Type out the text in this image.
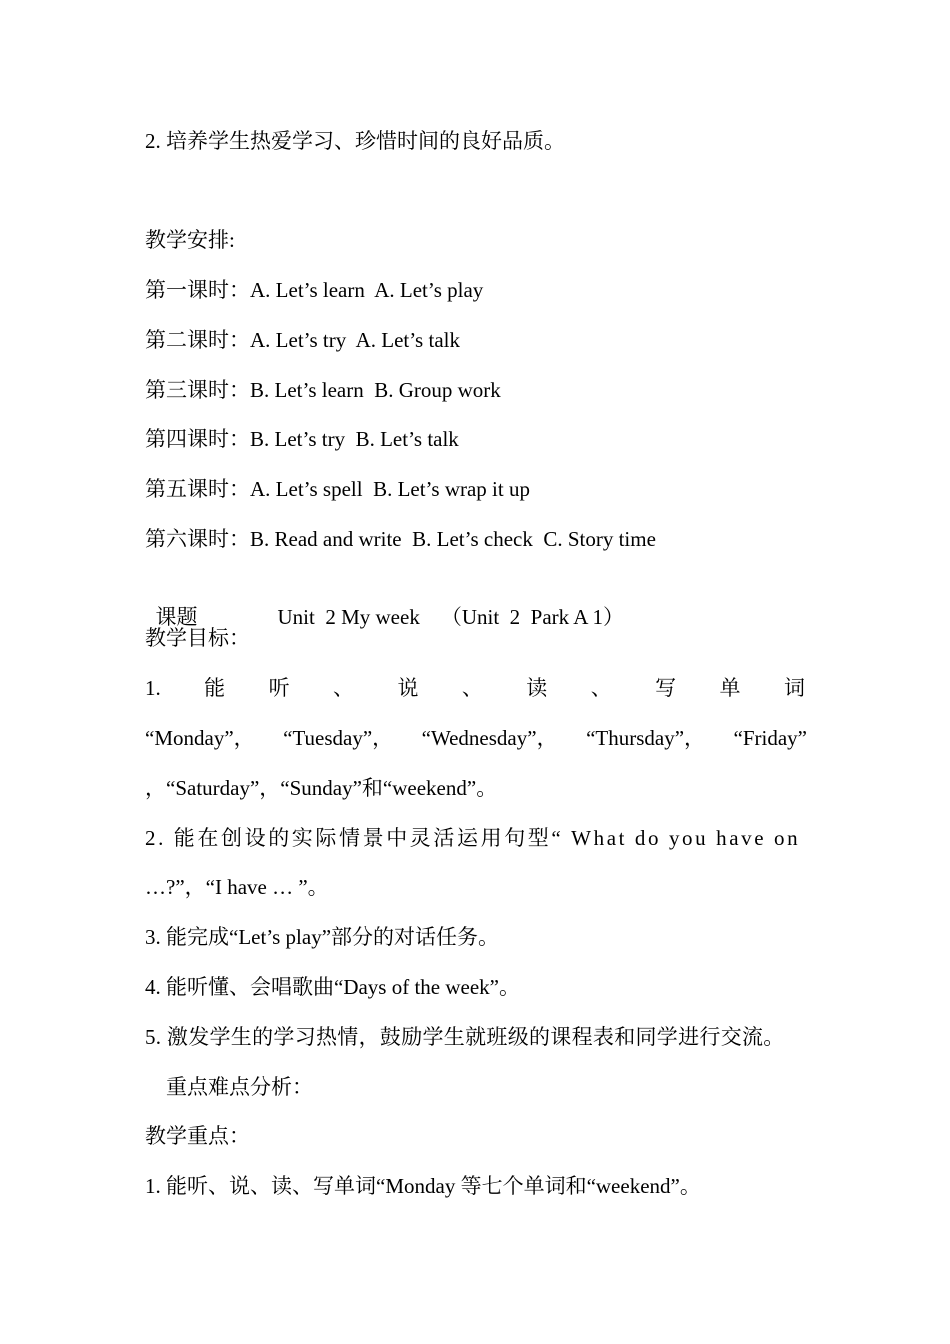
2. 培养学生热爱学习、珍惜时间的良好品质。
教学安排:
第一课时：A. Let’s learn  A. Let’s play
第二课时：A. Let’s try  A. Let’s talk
第三课时：B. Let’s learn  B. Group work
第四课时：B. Let’s try  B. Let’s talk
第五课时：A. Let’s spell  B. Let’s wrap it up
第六课时：B. Read and write  B. Let’s check  C. Story time

课题	Unit  2 My week    （Unit  2  Park A 1）

教学目标：
1. 能 听 、 说 、 读 、 写 单 词
“Monday”， “Tuesday”， “Wednesday”， “Thursday”， “Friday”
，“Saturday”，“Sunday”和“weekend”。
2. 能在创设的实际情景中灵活运用句型“ What do you have on
…?”，“I have … ”。
3. 能完成“Let’s play”部分的对话任务。
4. 能听懂、会唱歌曲“Days of the week”。
5. 激发学生的学习热情，鼓励学生就班级的课程表和同学进行交流。
重点难点分析：
教学重点：
1. 能听、说、读、写单词“Monday 等七个单词和“weekend”。
